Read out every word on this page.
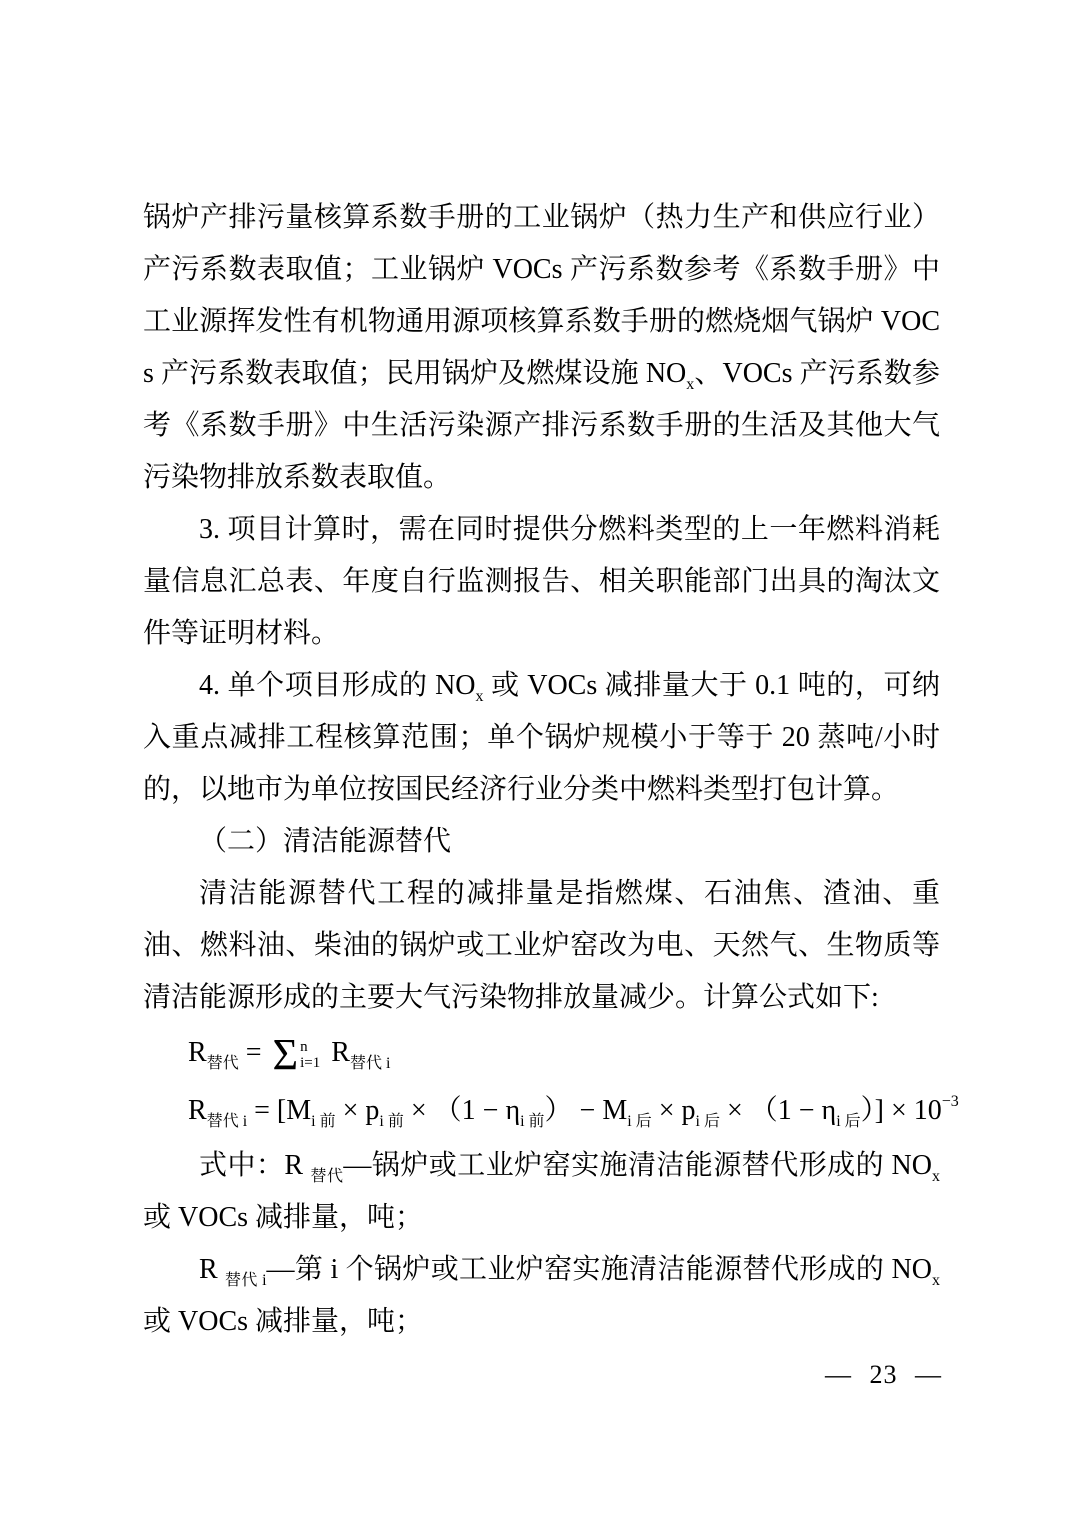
锅炉产排污量核算系数手册的工业锅炉（热力生产和供应行业）产污系数表取值；工业锅炉 VOCs 产污系数参考《系数手册》中工业源挥发性有机物通用源项核算系数手册的燃烧烟气锅炉 VOCs 产污系数表取值；民用锅炉及燃煤设施 $NO_x$、VOCs 产污系数参考《系数手册》中生活污染源产排污系数手册的生活及其他大气污染物排放系数表取值。

3. 项目计算时，需在同时提供分燃料类型的上一年燃料消耗量信息汇总表、年度自行监测报告、相关职能部门出具的淘汰文件等证明材料。

4. 单个项目形成的 $NO_x$ 或 VOCs 减排量大于 0.1 吨的，可纳入重点减排工程核算范围；单个锅炉规模小于等于 20 蒸吨/小时的，以地市为单位按国民经济行业分类中燃料类型打包计算。

（二）清洁能源替代

清洁能源替代工程的减排量是指燃煤、石油焦、渣油、重油、燃料油、柴油的锅炉或工业炉窑改为电、天然气、生物质等清洁能源形成的主要大气污染物排放量减少。计算公式如下:

$R_{替代} = \Sigma$ n
i=1 $R_{替代 i}$
$R_{替代 i} = [M_{i 前} \times p_{i 前} \times (1 - \eta_{i 前}) - M_{i 后} \times p_{i 后} \times (1 - \eta_{i 后})] \times 10^{-3}$

式中：R $_{替代}$—锅炉或工业炉窑实施清洁能源替代形成的 $NO_x$ 或 VOCs 减排量，吨；

R $_{替代 i}$—第 i 个锅炉或工业炉窑实施清洁能源替代形成的 $NO_x$ 或 VOCs 减排量，吨；

— 23 —
